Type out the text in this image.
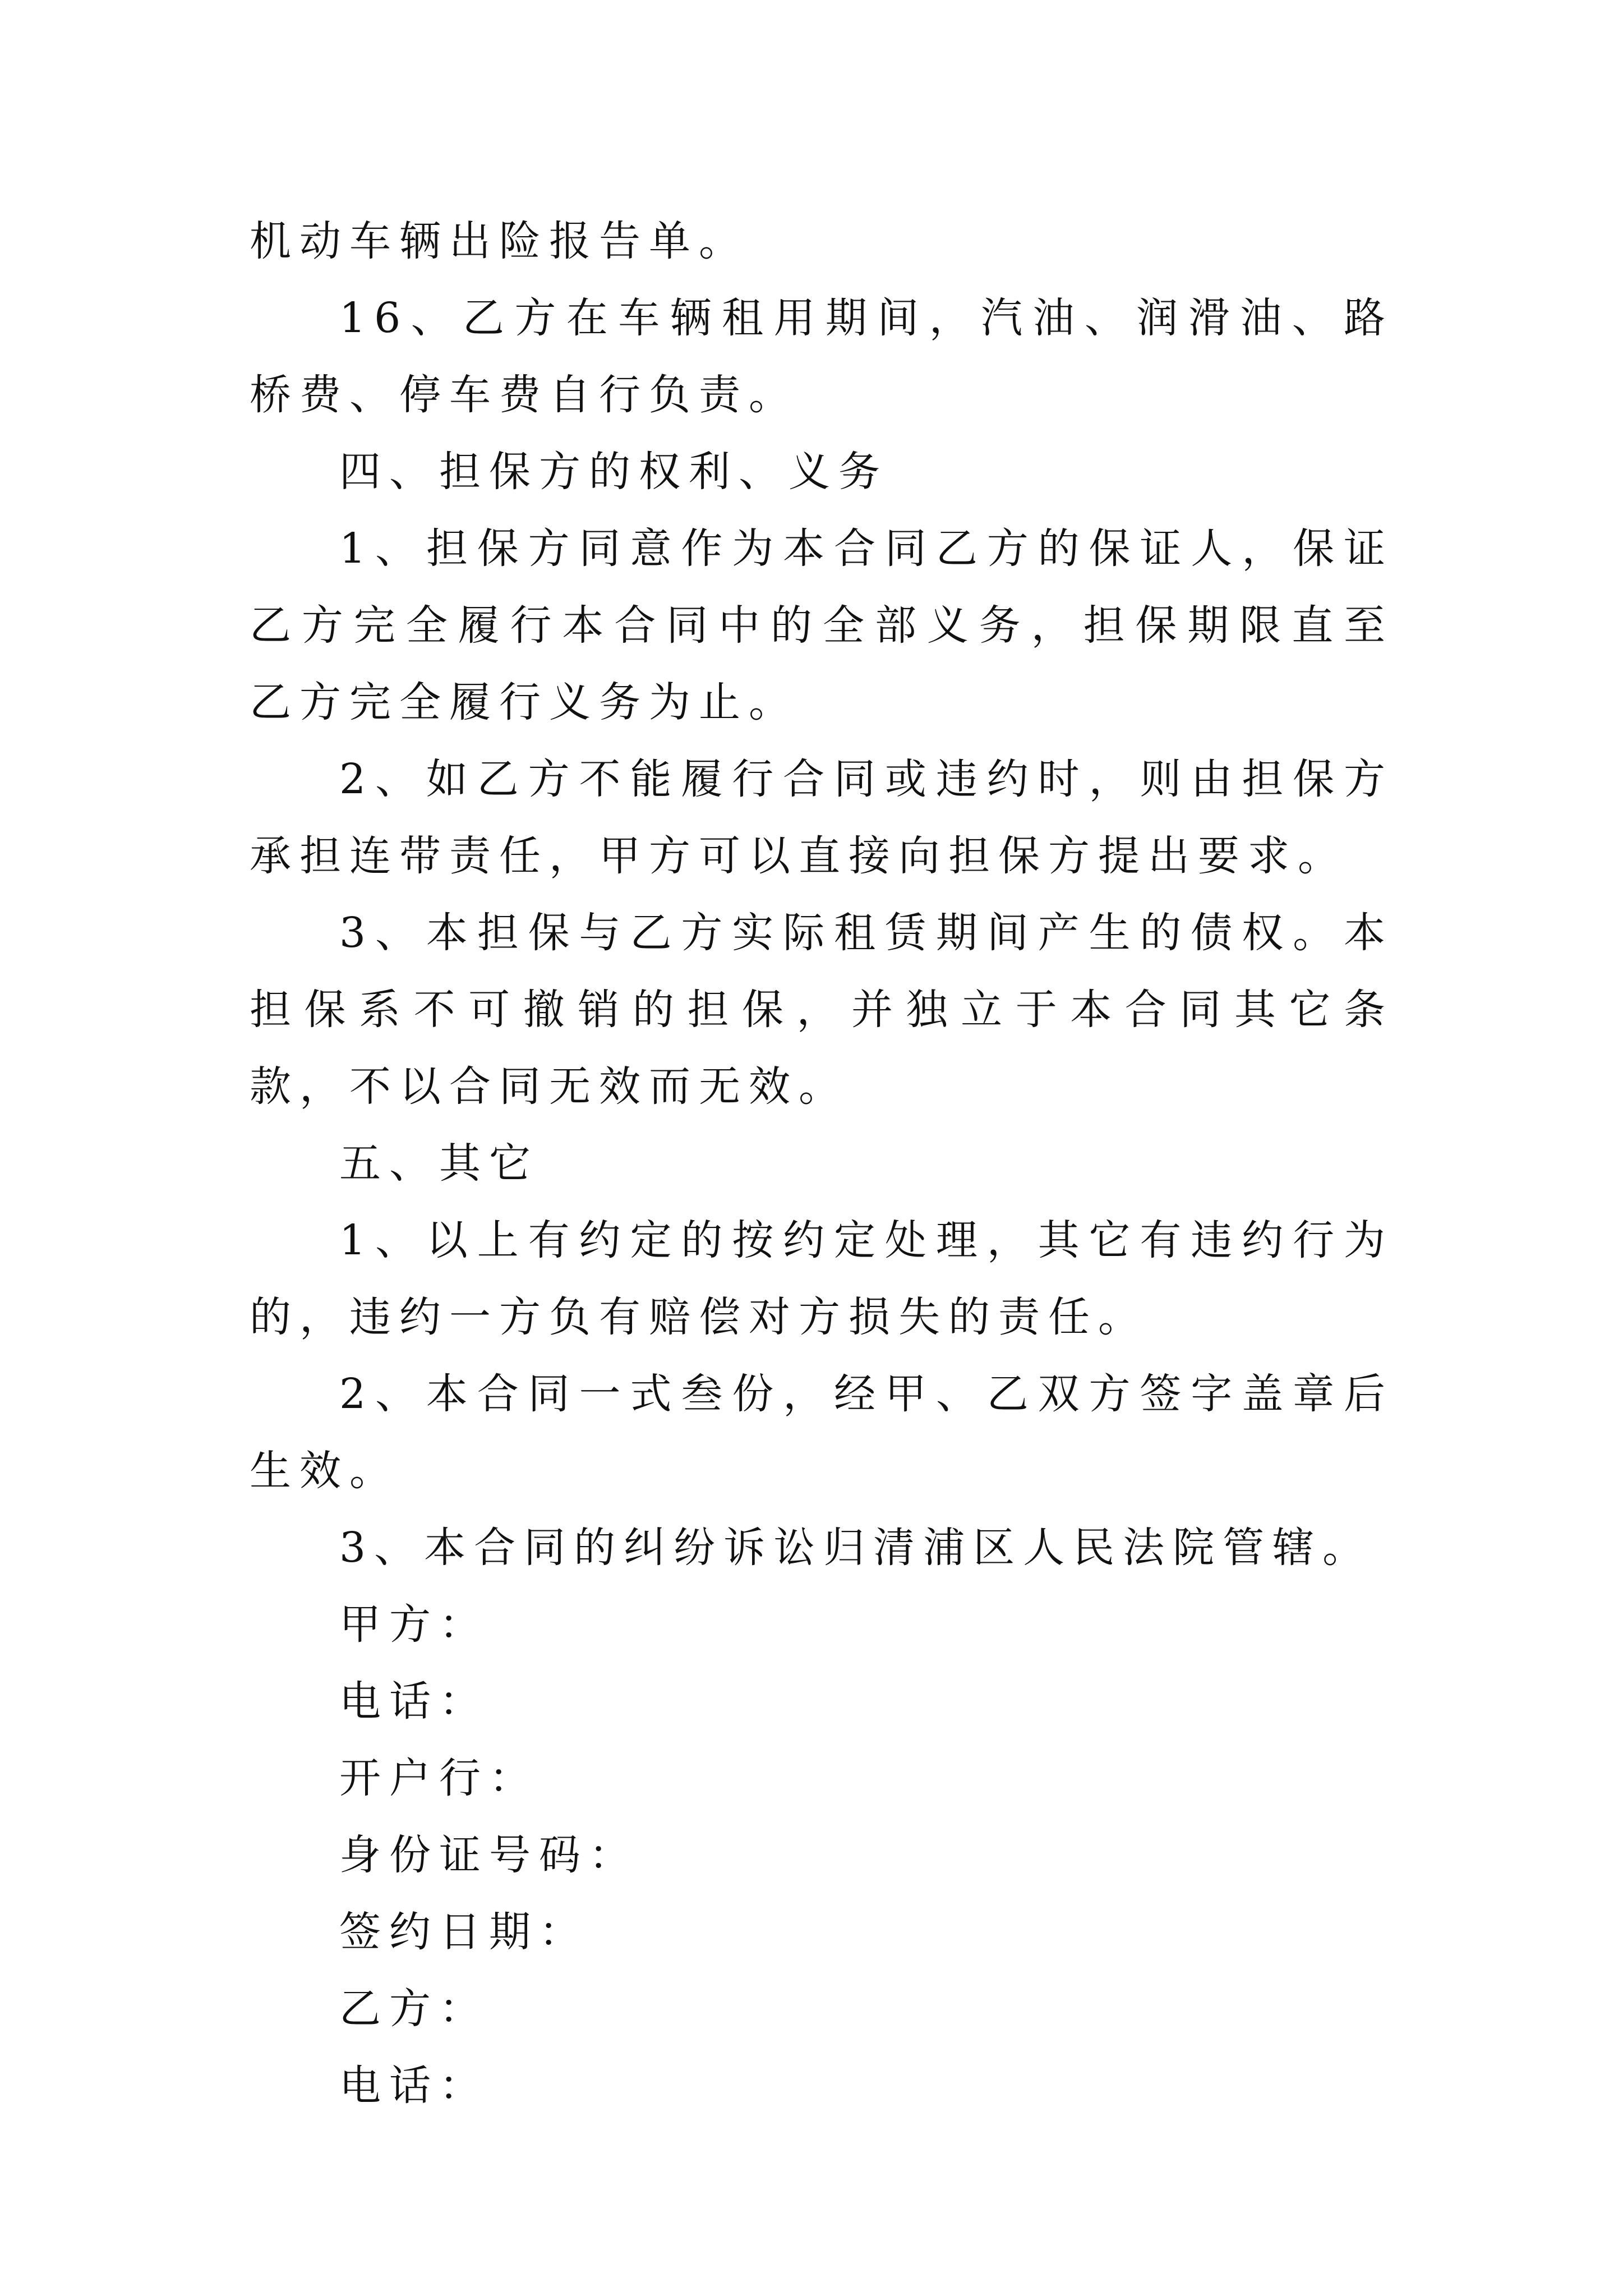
机动车辆出险报告单。

16、乙方在车辆租用期间，汽油、润滑油、路桥费、停车费自行负责。

四、担保方的权利、义务

1、担保方同意作为本合同乙方的保证人，保证乙方完全履行本合同中的全部义务，担保期限直至乙方完全履行义务为止。

2、如乙方不能履行合同或违约时，则由担保方承担连带责任，甲方可以直接向担保方提出要求。

3、本担保与乙方实际租赁期间产生的债权。本担保系不可撤销的担保，并独立于本合同其它条款，不以合同无效而无效。

五、其它

1、以上有约定的按约定处理，其它有违约行为的，违约一方负有赔偿对方损失的责任。

2、本合同一式叁份，经甲、乙双方签字盖章后生效。

3、本合同的纠纷诉讼归清浦区人民法院管辖。

甲方：

电话：

开户行：

身份证号码：

签约日期：

乙方：

电话：
